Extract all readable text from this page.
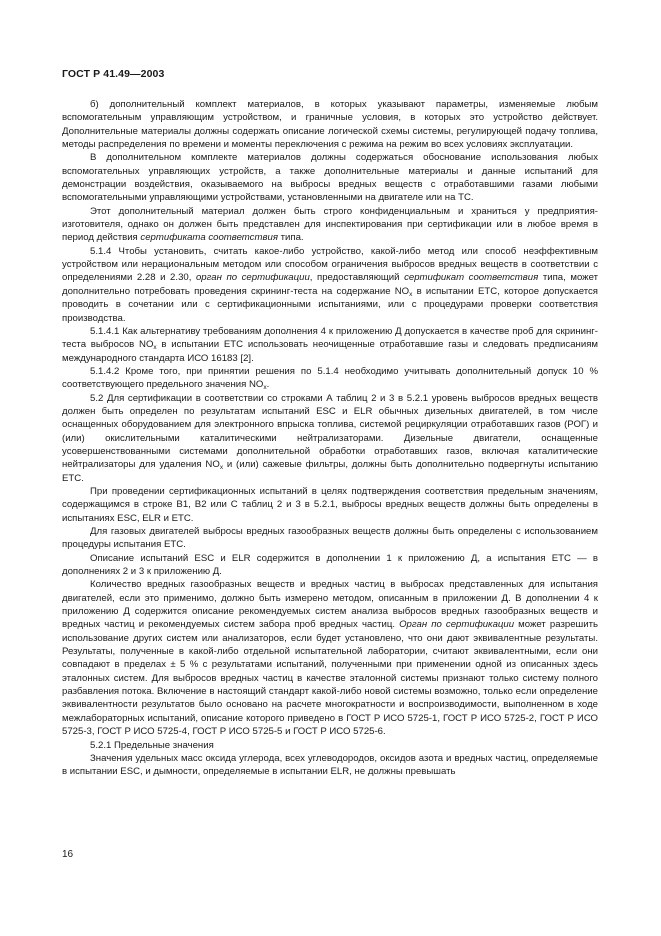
ГОСТ Р 41.49—2003

б) дополнительный комплект материалов, в которых указывают параметры, изменяемые любым вспомогательным управляющим устройством, и граничные условия, в которых это устройство действует. Дополнительные материалы должны содержать описание логической схемы системы, регулирующей подачу топлива, методы распределения по времени и моменты переключения с режима на режим во всех условиях эксплуатации.

В дополнительном комплекте материалов должны содержаться обоснование использования любых вспомогательных управляющих устройств, а также дополнительные материалы и данные испытаний для демонстрации воздействия, оказываемого на выбросы вредных веществ с отработавшими газами любыми вспомогательными управляющими устройствами, установленными на двигателе или на ТС.

Этот дополнительный материал должен быть строго конфиденциальным и храниться у предприятия-изготовителя, однако он должен быть представлен для инспектирования при сертификации или в любое время в период действия сертификата соответствия типа.

5.1.4 Чтобы установить, считать какое-либо устройство, какой-либо метод или способ неэффективным устройством или нерациональным методом или способом ограничения выбросов вредных веществ в соответствии с определениями 2.28 и 2.30, орган по сертификации, предоставляющий сертификат соответствия типа, может дополнительно потребовать проведения скрининг-теста на содержание $NO_x$ в испытании ETC, которое допускается проводить в сочетании или с сертификационными испытаниями, или с процедурами проверки соответствия производства.

5.1.4.1 Как альтернативу требованиям дополнения 4 к приложению Д допускается в качестве проб для скрининг-теста выбросов $NO_x$ в испытании ETC использовать неочищенные отработавшие газы и следовать предписаниям международного стандарта ИСО 16183 [2].

5.1.4.2 Кроме того, при принятии решения по 5.1.4 необходимо учитывать дополнительный допуск 10 % соответствующего предельного значения $NO_x$.

5.2 Для сертификации в соответствии со строками А таблиц 2 и 3 в 5.2.1 уровень выбросов вредных веществ должен быть определен по результатам испытаний ESC и ELR обычных дизельных двигателей, в том числе оснащенных оборудованием для электронного впрыска топлива, системой рециркуляции отработавших газов (РОГ) и (или) окислительными каталитическими нейтрализаторами. Дизельные двигатели, оснащенные усовершенствованными системами дополнительной обработки отработавших газов, включая каталитические нейтрализаторы для удаления $NO_x$ и (или) сажевые фильтры, должны быть дополнительно подвергнуты испытанию ETC.

При проведении сертификационных испытаний в целях подтверждения соответствия предельным значениям, содержащимся в строке В1, В2 или С таблиц 2 и 3 в 5.2.1, выбросы вредных веществ должны быть определены в испытаниях ESC, ELR и ETC.

Для газовых двигателей выбросы вредных газообразных веществ должны быть определены с использованием процедуры испытания ETC.

Описание испытаний ESC и ELR содержится в дополнении 1 к приложению Д, а испытания ETC — в дополнениях 2 и 3 к приложению Д.

Количество вредных газообразных веществ и вредных частиц в выбросах представленных для испытания двигателей, если это применимо, должно быть измерено методом, описанным в приложении Д. В дополнении 4 к приложению Д содержится описание рекомендуемых систем анализа выбросов вредных газообразных веществ и вредных частиц и рекомендуемых систем забора проб вредных частиц. Орган по сертификации может разрешить использование других систем или анализаторов, если будет установлено, что они дают эквивалентные результаты. Результаты, полученные в какой-либо отдельной испытательной лаборатории, считают эквивалентными, если они совпадают в пределах ± 5 % с результатами испытаний, полученными при применении одной из описанных здесь эталонных систем. Для выбросов вредных частиц в качестве эталонной системы признают только систему полного разбавления потока. Включение в настоящий стандарт какой-либо новой системы возможно, только если определение эквивалентности результатов было основано на расчете многократности и воспроизводимости, выполненном в ходе межлабораторных испытаний, описание которого приведено в ГОСТ Р ИСО 5725-1, ГОСТ Р ИСО 5725-2, ГОСТ Р ИСО 5725-3, ГОСТ Р ИСО 5725-4, ГОСТ Р ИСО 5725-5 и ГОСТ Р ИСО 5725-6.

5.2.1 Предельные значения

Значения удельных масс оксида углерода, всех углеводородов, оксидов азота и вредных частиц, определяемые в испытании ESC, и дымности, определяемые в испытании ELR, не должны превышать

16
